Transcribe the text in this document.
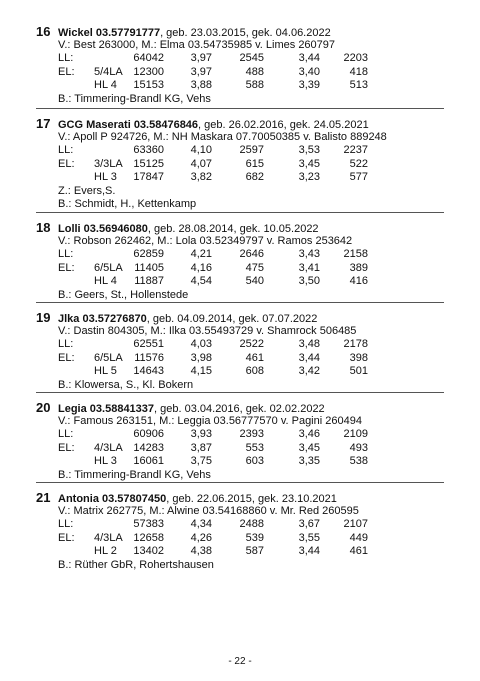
16 Wickel 03.57791777, geb. 23.03.2015, gek. 04.06.2022
V.: Best 263000, M.: Elma 03.54735985 v. Limes 260797
LL:	64042 3,97	2545	3,44 2203
EL: 5/4LA 12300 3,97	488	3,40	418
HL 4 15153 3,88	588	3,39	513
B.: Timmering-Brandl KG, Vehs
17 GCG Maserati 03.58476846, geb. 26.02.2016, gek. 24.05.2021
V.: Apoll P 924726, M.: NH Maskara 07.70050385 v. Balisto 889248
LL:	63360 4,10	2597	3,53 2237
EL: 3/3LA 15125 4,07	615	3,45	522
HL 3 17847 3,82	682	3,23	577
Z.: Evers,S.
B.: Schmidt, H., Kettenkamp
18 Lolli 03.56946080, geb. 28.08.2014, gek. 10.05.2022
V.: Robson 262462, M.: Lola 03.52349797 v. Ramos 253642
LL:	62859 4,21	2646	3,43 2158
EL: 6/5LA 11405 4,16	475	3,41	389
HL 4 11887 4,54	540	3,50	416
B.: Geers, St., Hollenstede
19 Jlka 03.57276870, geb. 04.09.2014, gek. 07.07.2022
V.: Dastin 804305, M.: Ilka 03.55493729 v. Shamrock 506485
LL:	62551 4,03	2522	3,48 2178
EL: 6/5LA 11576 3,98	461	3,44	398
HL 5 14643 4,15	608	3,42	501
B.: Klowersa, S., Kl. Bokern
20 Legia 03.58841337, geb. 03.04.2016, gek. 02.02.2022
V.: Famous 263151, M.: Leggia 03.56777570 v. Pagini 260494
LL:	60906 3,93	2393	3,46 2109
EL: 4/3LA 14283 3,87	553	3,45	493
HL 3 16061 3,75	603	3,35	538
B.: Timmering-Brandl KG, Vehs
21 Antonia 03.57807450, geb. 22.06.2015, gek. 23.10.2021
V.: Matrix 262775, M.: Alwine 03.54168860 v. Mr. Red 260595
LL:	57383 4,34	2488	3,67 2107
EL: 4/3LA 12658 4,26	539	3,55	449
HL 2 13402 4,38	587	3,44	461
B.: Rüther GbR, Rohertshausen
- 22 -
